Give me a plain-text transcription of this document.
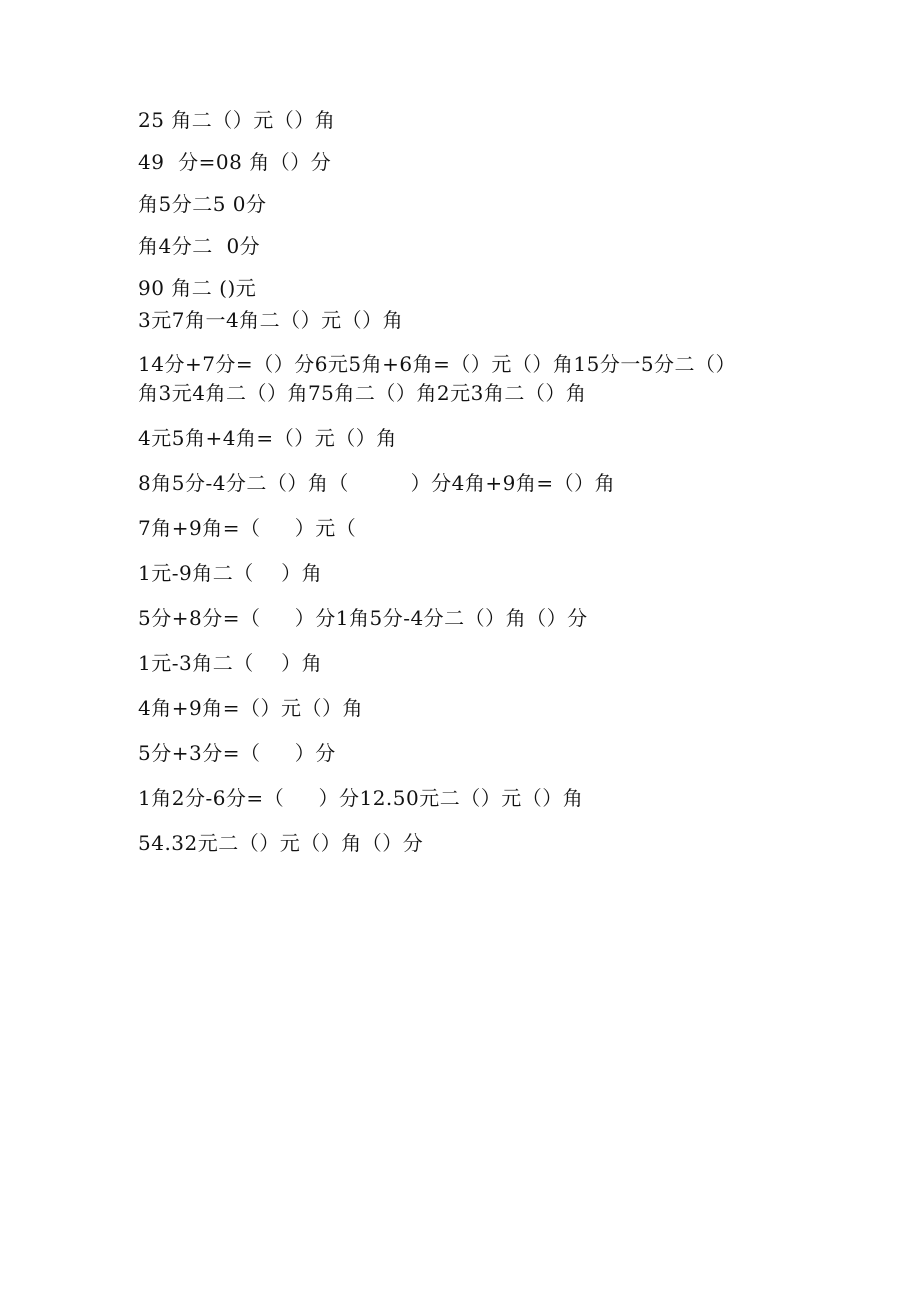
25 角二（）元（）角
49  分=08 角（）分
角5分二5 0分
角4分二  0分
90 角二 ()元
3元7角一4角二（）元（）角
14分+7分=（）分6元5角+6角=（）元（）角15分一5分二（）
角3元4角二（）角75角二（）角2元3角二（）角
4元5角+4角=（）元（）角
8角5分-4分二（）角（         ）分4角+9角=（）角
7角+9角=（     ）元（
1元-9角二（    ）角
5分+8分=（     ）分1角5分-4分二（）角（）分
1元-3角二（    ）角
4角+9角=（）元（）角
5分+3分=（     ）分
1角2分-6分=（     ）分12.50元二（）元（）角
54.32元二（）元（）角（）分
